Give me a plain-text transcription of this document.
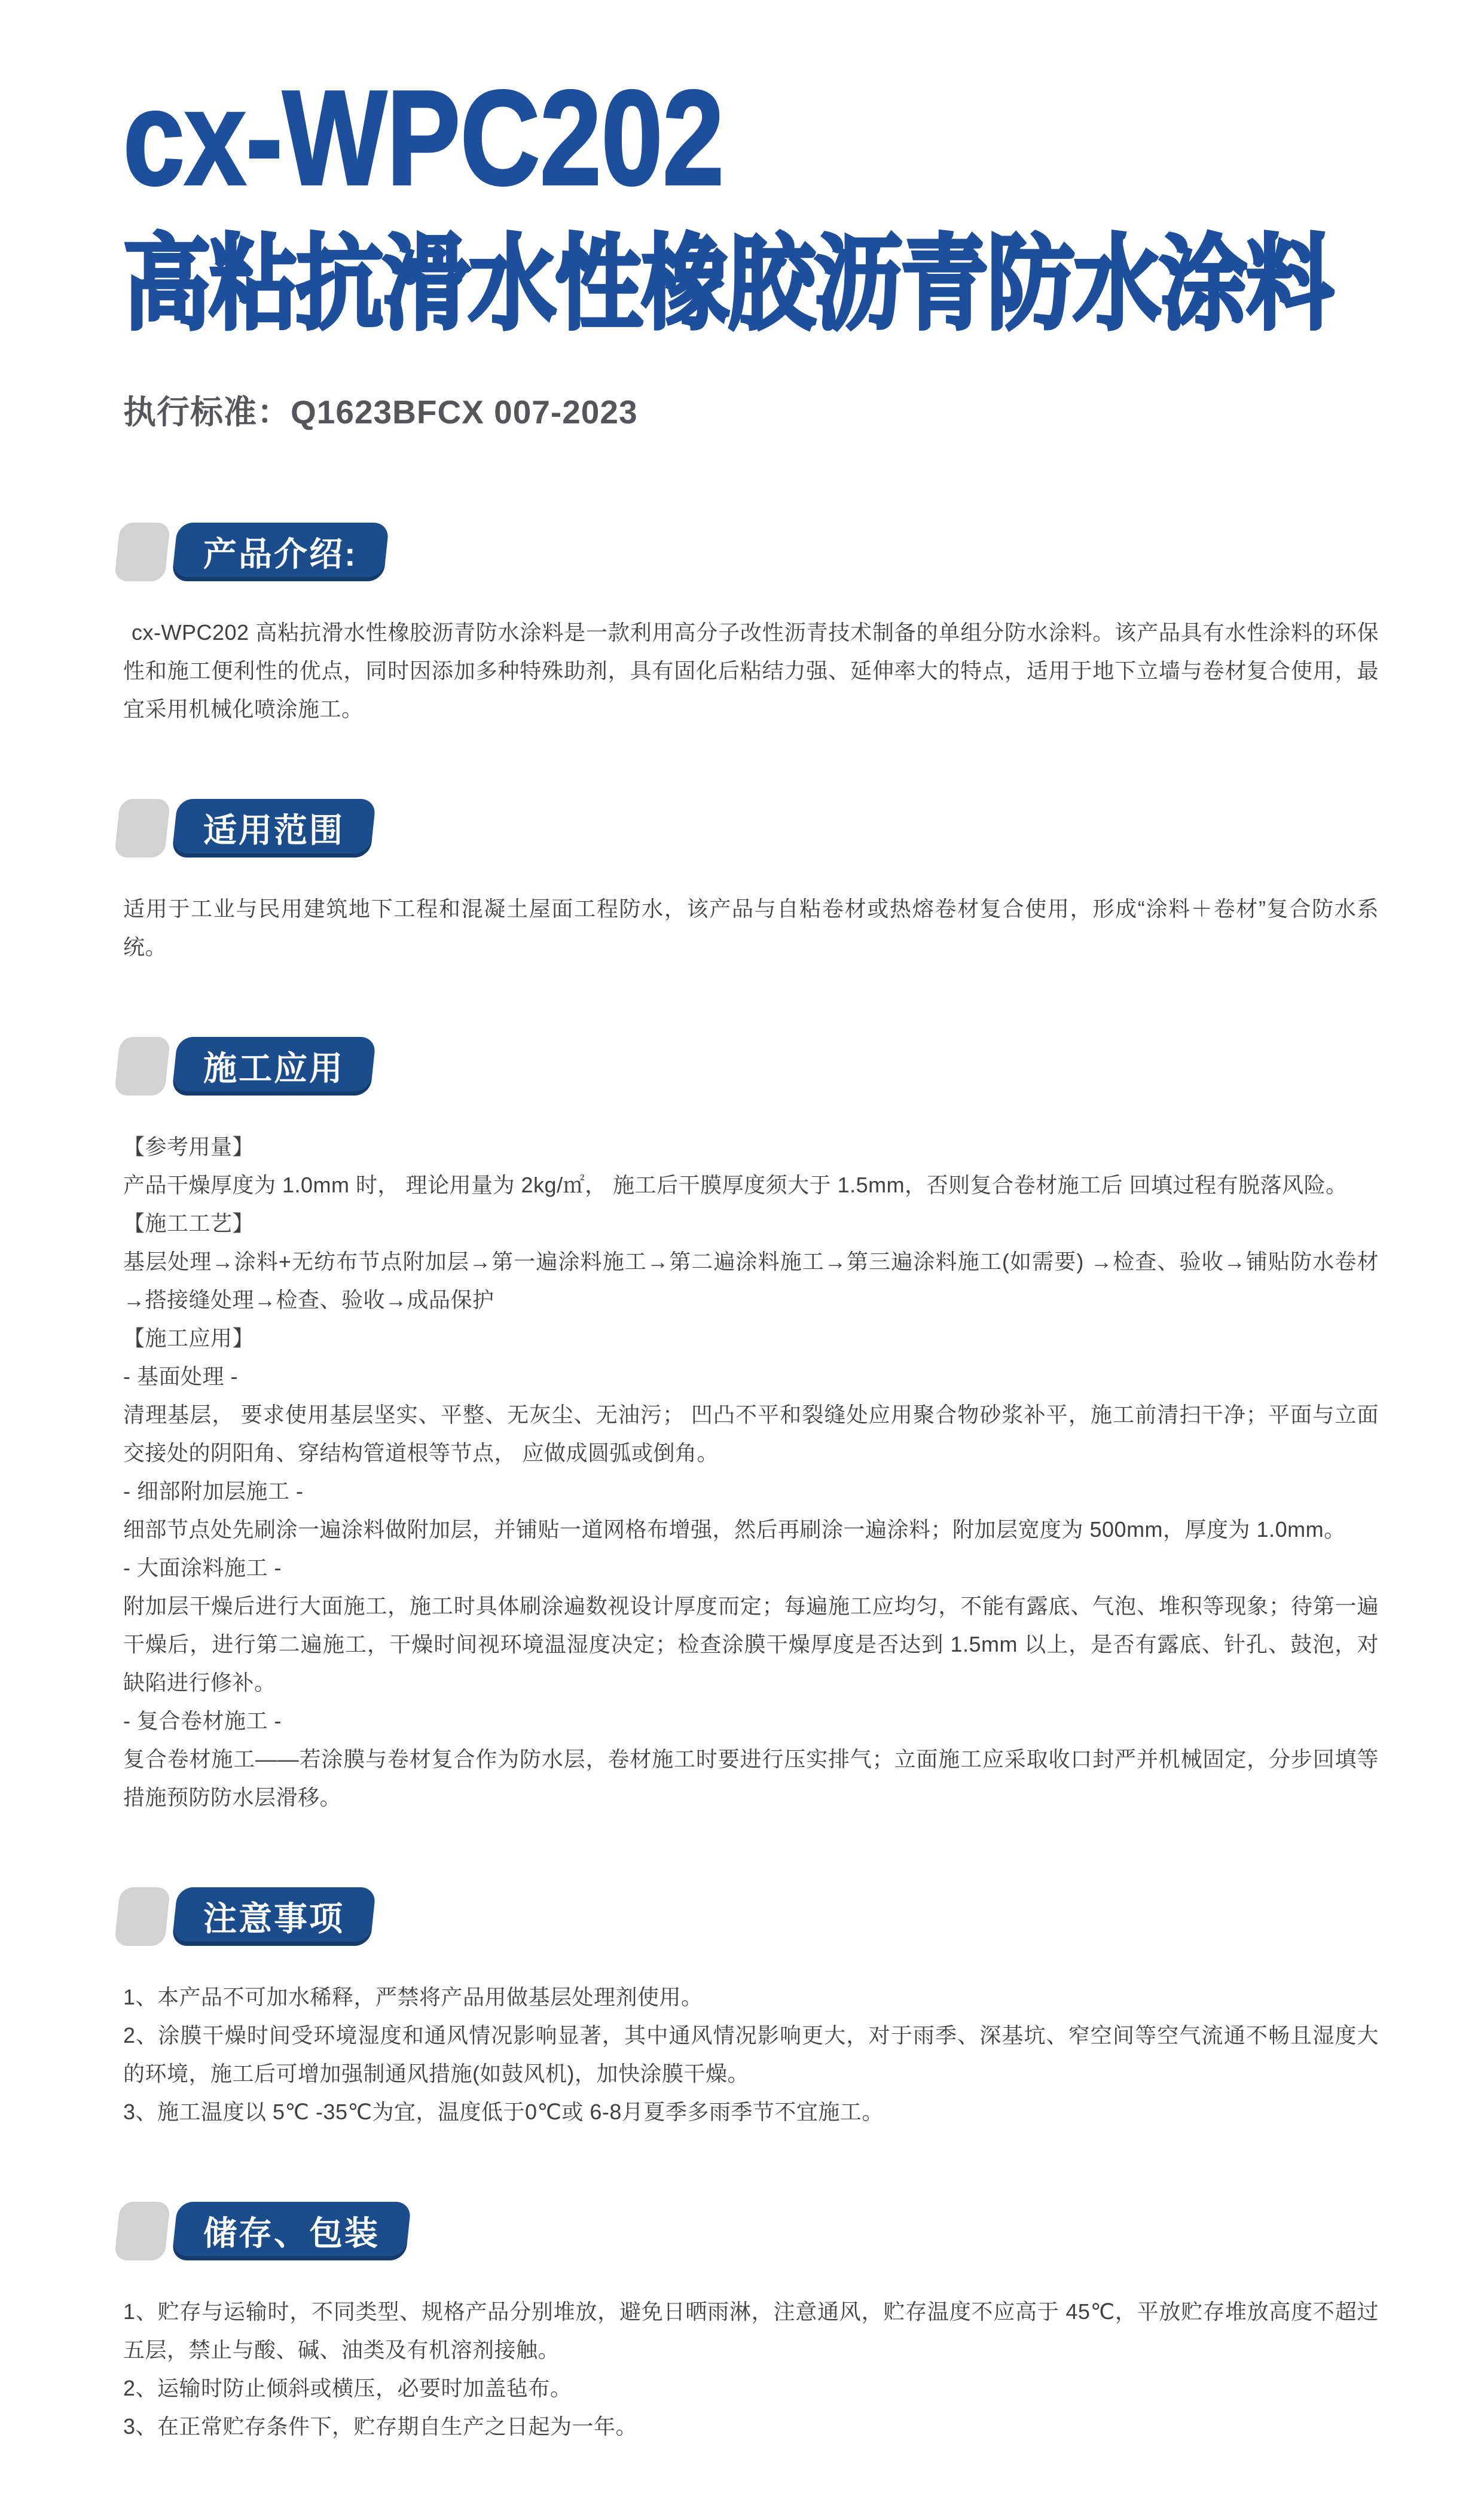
cx-WPC202
高粘抗滑水性橡胶沥青防水涂料
执行标准：Q1623BFCX 007-2023
产品介绍:

cx-WPC202 高粘抗滑水性橡胶沥青防水涂料是一款利用高分子改性沥青技术制备的单组分防水涂料。该产品具有水性涂料的环保性和施工便利性的优点，同时因添加多种特殊助剂，具有固化后粘结力强、延伸率大的特点，适用于地下立墙与卷材复合使用，最宜采用机械化喷涂施工。

适用范围

适用于工业与民用建筑地下工程和混凝土屋面工程防水，该产品与自粘卷材或热熔卷材复合使用，形成“涂料＋卷材”复合防水系统。

施工应用

【参考用量】

产品干燥厚度为 1.0mm 时， 理论用量为 2kg/㎡， 施工后干膜厚度须大于 1.5mm，否则复合卷材施工后 回填过程有脱落风险。

【施工工艺】

基层处理→涂料+无纺布节点附加层→第一遍涂料施工→第二遍涂料施工→第三遍涂料施工(如需要) →检查、验收→铺贴防水卷材→搭接缝处理→检查、验收→成品保护

【施工应用】

- 基面处理 -

清理基层， 要求使用基层坚实、平整、无灰尘、无油污； 凹凸不平和裂缝处应用聚合物砂浆补平，施工前清扫干净；平面与立面交接处的阴阳角、穿结构管道根等节点， 应做成圆弧或倒角。

- 细部附加层施工 -

细部节点处先刷涂一遍涂料做附加层，并铺贴一道网格布增强，然后再刷涂一遍涂料；附加层宽度为 500mm，厚度为 1.0mm。

- 大面涂料施工 -

附加层干燥后进行大面施工，施工时具体刷涂遍数视设计厚度而定；每遍施工应均匀，不能有露底、气泡、堆积等现象；待第一遍干燥后，进行第二遍施工，干燥时间视环境温湿度决定；检查涂膜干燥厚度是否达到 1.5mm 以上，是否有露底、针孔、鼓泡，对缺陷进行修补。

- 复合卷材施工 -

复合卷材施工——若涂膜与卷材复合作为防水层，卷材施工时要进行压实排气；立面施工应采取收口封严并机械固定，分步回填等措施预防防水层滑移。

注意事项

1、本产品不可加水稀释，严禁将产品用做基层处理剂使用。

2、涂膜干燥时间受环境湿度和通风情况影响显著，其中通风情况影响更大，对于雨季、深基坑、窄空间等空气流通不畅且湿度大的环境，施工后可增加强制通风措施(如鼓风机)，加快涂膜干燥。

3、施工温度以 5℃ -35℃为宜，温度低于0℃或 6-8月夏季多雨季节不宜施工。

储存、包装

1、贮存与运输时，不同类型、规格产品分别堆放，避免日晒雨淋，注意通风，贮存温度不应高于 45℃，平放贮存堆放高度不超过五层，禁止与酸、碱、油类及有机溶剂接触。

2、运输时防止倾斜或横压，必要时加盖毡布。

3、在正常贮存条件下，贮存期自生产之日起为一年。
